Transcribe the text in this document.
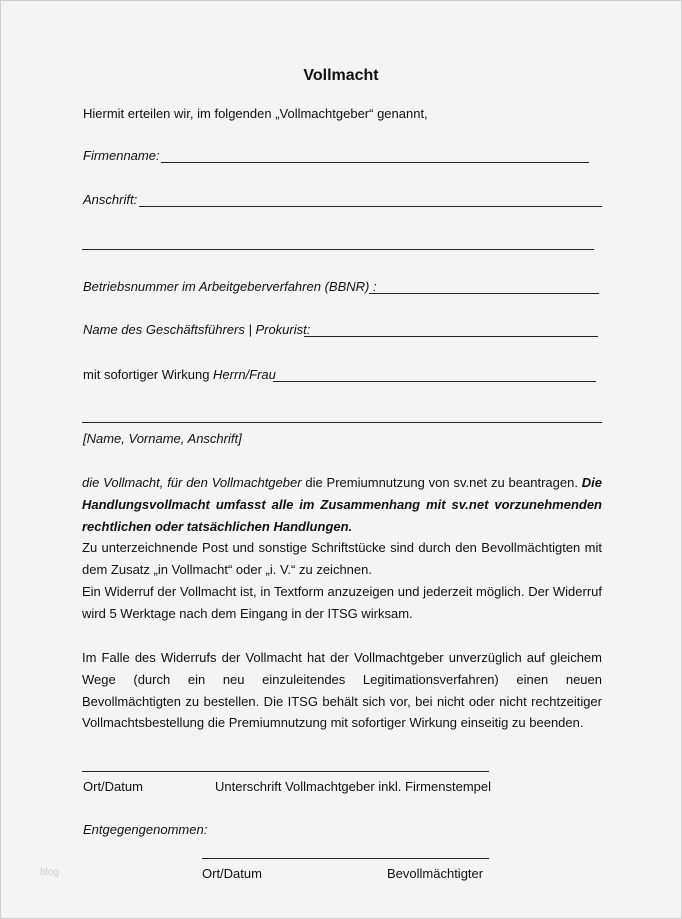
Vollmacht
Hiermit erteilen wir, im folgenden „Vollmachtgeber“ genannt,
Firmenname:
Anschrift:
Betriebsnummer im Arbeitgeberverfahren (BBNR) :
Name des Geschäftsführers | Prokurist:
mit sofortiger Wirkung Herrn/Frau
[Name, Vorname, Anschrift]
die Vollmacht, für den Vollmachtgeber die Premiumnutzung von sv.net zu beantragen. Die Handlungsvollmacht umfasst alle im Zusammenhang mit sv.net vorzunehmenden rechtlichen oder tatsächlichen Handlungen.
Zu unterzeichnende Post und sonstige Schriftstücke sind durch den Bevollmächtigten mit dem Zusatz „in Vollmacht“ oder „i. V.“ zu zeichnen.
Ein Widerruf der Vollmacht ist, in Textform anzuzeigen und jederzeit möglich. Der Widerruf wird 5 Werktage nach dem Eingang in der ITSG wirksam.
Im Falle des Widerrufs der Vollmacht hat der Vollmachtgeber unverzüglich auf gleichem Wege (durch ein neu einzuleitendes Legitimationsverfahren) einen neuen Bevollmächtigten zu bestellen. Die ITSG behält sich vor, bei nicht oder nicht rechtzeitiger Vollmachtsbestellung die Premiumnutzung mit sofortiger Wirkung einseitig zu beenden.
Ort/Datum	Unterschrift Vollmachtgeber inkl. Firmenstempel
Entgegengenommen:
Ort/Datum	Bevollmächtigter
blog
